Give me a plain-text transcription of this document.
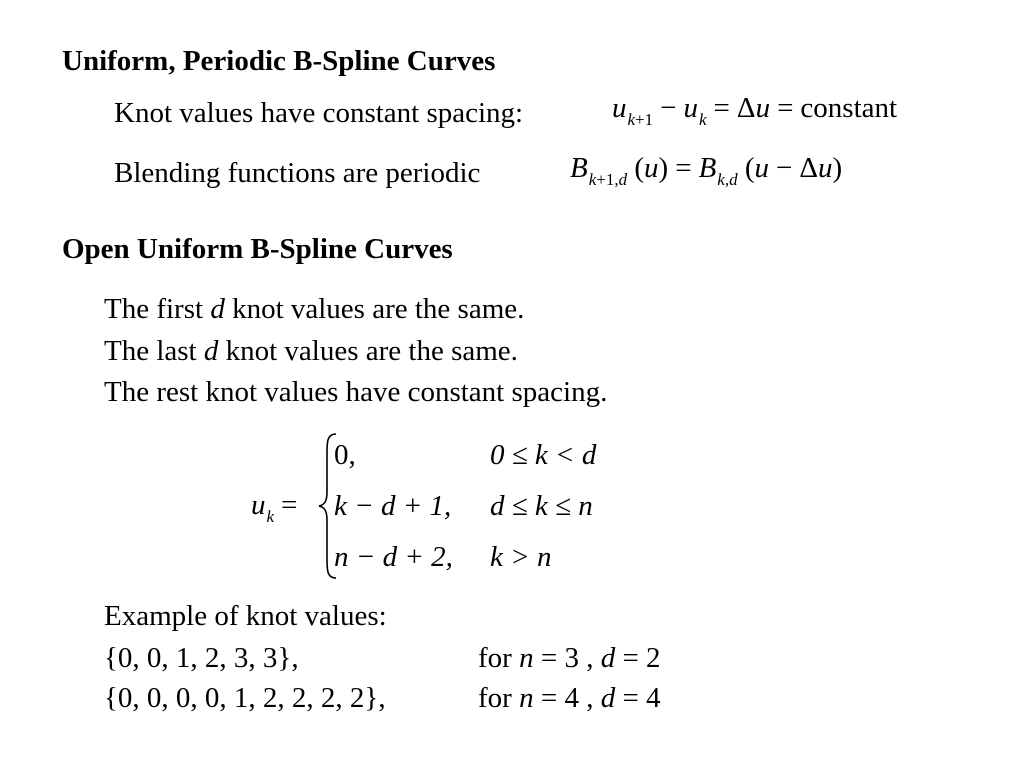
Uniform, Periodic B-Spline Curves
Knot values have constant spacing:	$u_{k+1} - u_k = \Delta u$ = constant
Blending functions are periodic	$B_{k+1,d}$ $(u) = B_{k,d}$ (u − Δu)
Open Uniform B-Spline Curves
The first d knot values are the same.
The last d knot values are the same.
The rest knot values have constant spacing.
$u_k$ =
0,	0 ≤ k < d
k − d + 1, d ≤ k ≤ n
n − d + 2, k > n
Example of knot values:
{0, 0, 1, 2, 3, 3},	for n = 3 , d = 2
{0, 0, 0, 0, 1, 2, 2, 2, 2},	for n = 4 , d = 4
